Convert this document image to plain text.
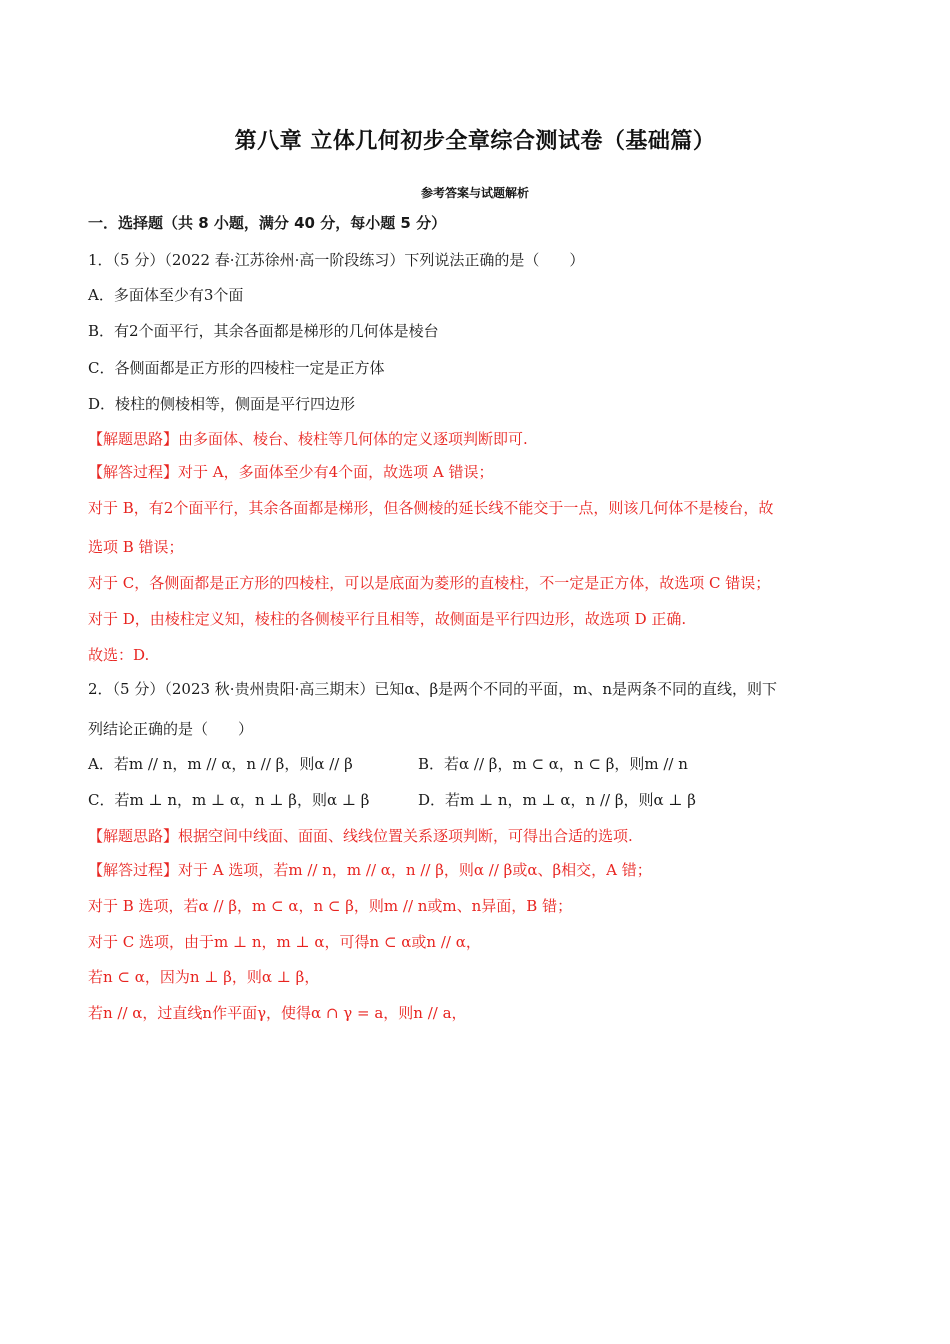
第八章 立体几何初步全章综合测试卷（基础篇）
参考答案与试题解析
一．选择题（共 8 小题，满分 40 分，每小题 5 分）
1．（5 分）（2022 春·江苏徐州·高一阶段练习）下列说法正确的是（　　）
A．多面体至少有3个面
B．有2个面平行，其余各面都是梯形的几何体是棱台
C．各侧面都是正方形的四棱柱一定是正方体
D．棱柱的侧棱相等，侧面是平行四边形
【解题思路】由多面体、棱台、棱柱等几何体的定义逐项判断即可.
【解答过程】对于 A，多面体至少有4个面，故选项 A 错误；
对于 B，有2个面平行，其余各面都是梯形，但各侧棱的延长线不能交于一点，则该几何体不是棱台，故
选项 B 错误；
对于 C，各侧面都是正方形的四棱柱，可以是底面为菱形的直棱柱，不一定是正方体，故选项 C 错误；
对于 D，由棱柱定义知，棱柱的各侧棱平行且相等，故侧面是平行四边形，故选项 D 正确.
故选：D.
2．（5 分）（2023 秋·贵州贵阳·高三期末）已知α、β是两个不同的平面，m、n是两条不同的直线，则下
列结论正确的是（　　）
A．若m // n，m // α，n // β，则α // β	B．若α // β，m ⊂ α，n ⊂ β，则m // n
C．若m ⊥ n，m ⊥ α，n ⊥ β，则α ⊥ β	D．若m ⊥ n，m ⊥ α，n // β，则α ⊥ β
【解题思路】根据空间中线面、面面、线线位置关系逐项判断，可得出合适的选项.
【解答过程】对于 A 选项，若m // n，m // α，n // β，则α // β或α、β相交，A 错；
对于 B 选项，若α // β，m ⊂ α，n ⊂ β，则m // n或m、n异面，B 错；
对于 C 选项，由于m ⊥ n，m ⊥ α，可得n ⊂ α或n // α，
若n ⊂ α，因为n ⊥ β，则α ⊥ β，
若n // α，过直线n作平面γ，使得α ∩ γ = a，则n // a，
